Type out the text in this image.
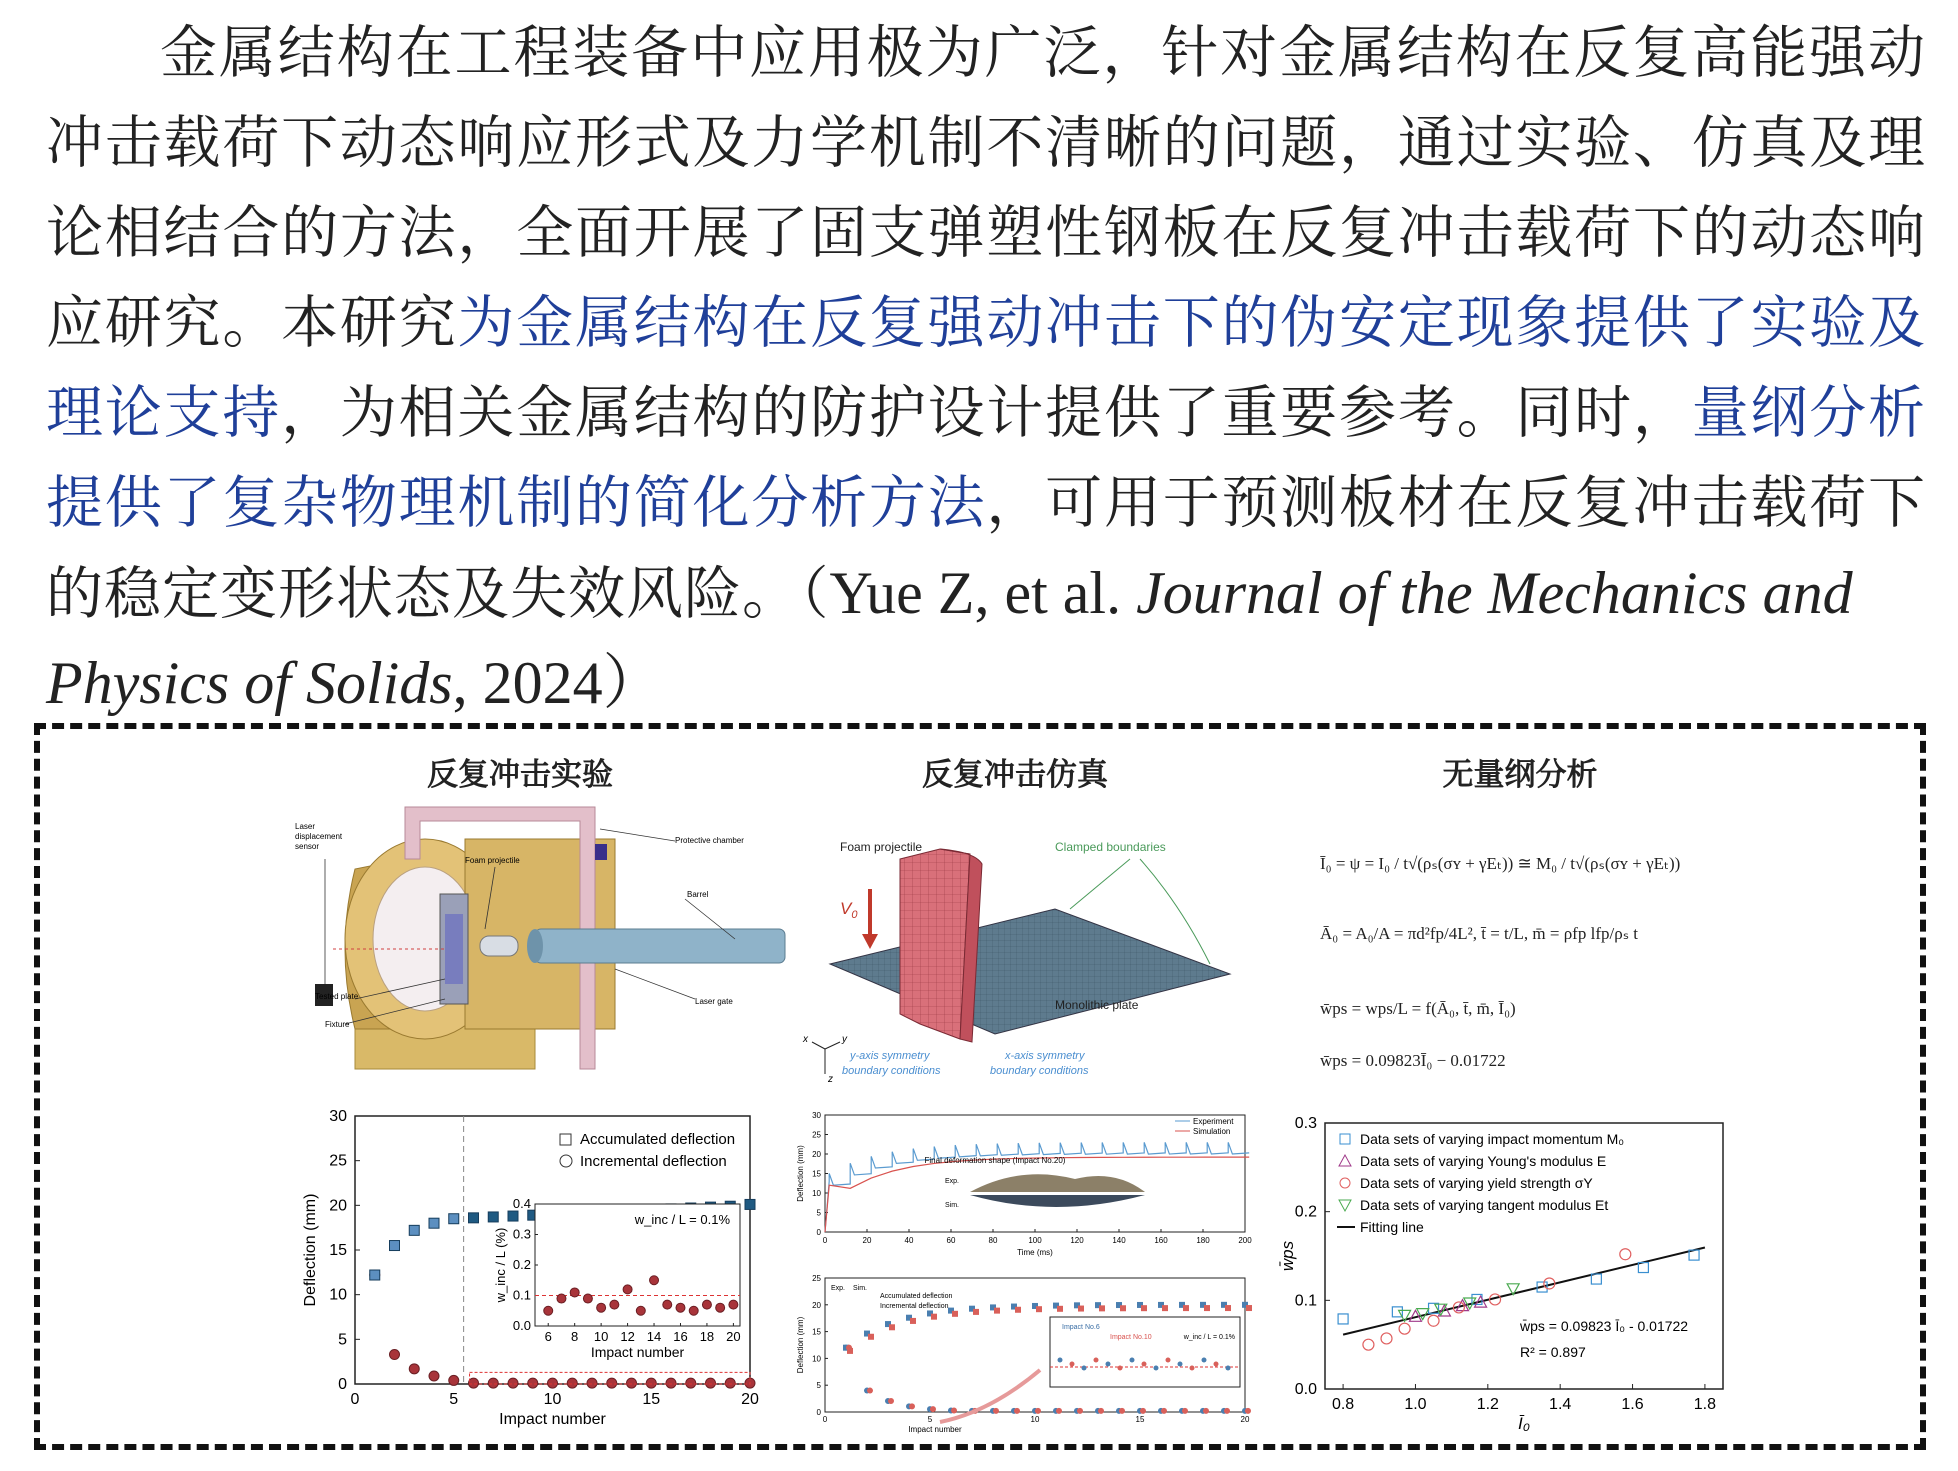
金属结构在工程装备中应用极为广泛，针对金属结构在反复高能强动
冲击载荷下动态响应形式及力学机制不清晰的问题，通过实验、仿真及理
论相结合的方法，全面开展了固支弹塑性钢板在反复冲击载荷下的动态响
应研究。本研究为金属结构在反复强动冲击下的伪安定现象提供了实验及
理论支持，为相关金属结构的防护设计提供了重要参考。同时，量纲分析
提供了复杂物理机制的简化分析方法，可用于预测板材在反复冲击载荷下
的稳定变形状态及失效风险。（Yue Z, et al. Journal of the Mechanics and
Physics of Solids, 2024）
反复冲击实验	反复冲击仿真	无量纲分析
Laser displacement sensor
Foam projectile
Protective chamber
Barrel
Tested plate
Fixture
Laser gate
$V_0$
Foam projectile	Clamped boundaries
Monolithic plate
y-axis symmetry
boundary conditions
x-axis symmetry
boundary conditions
x	y
z
Ī₀ = ψ = I₀ / t√(ρₛ(σʏ + γEₜ)) ≅ M₀ / t√(ρₛ(σʏ + γEₜ))
Ā₀ = A₀/A = πd²fp/4L², t̄ = t/L, m̄ = ρfp lfp/ρₛ t
w̄ps = wps/L = f(Ā₀, t̄, m̄, Ī₀)
w̄ps = 0.09823Ī₀ − 0.01722
0	5	10	15	20
0
5
10
15
20
25
30
Impact number
Deflection (mm)
Accumulated deflection
Incremental deflection
6 8 10 12 14 16 18 20
0.0
0.1
0.2
0.3
0.4
Impact number
w_inc / L (%)
w_inc / L = 0.1%
0	20	40	60	80	100	120	140	160	180	200
0
5
10
15
20
25
30
Time (ms)
Deflection (mm)
Experiment
Simulation
Final deformation shape (Impact No.20)
Exp.
Sim.
0	5	10	15	20
0
5
10
15
20
25
Impact number
Deflection (mm)
Exp. Sim.
Accumulated deflection
Incremental deflection
Impact No.6
Impact No.10	w_inc / L = 0.1%
0.8	1.0	1.2	1.4	1.6	1.8
0.0
0.1
0.2
0.3
Ī₀
w̄ps
Data sets of varying impact momentum M₀
Data sets of varying Young's modulus E
Data sets of varying yield strength σY
Data sets of varying tangent modulus Et
Fitting line
w̄ps = 0.09823 Ī₀ - 0.01722
R² = 0.897
